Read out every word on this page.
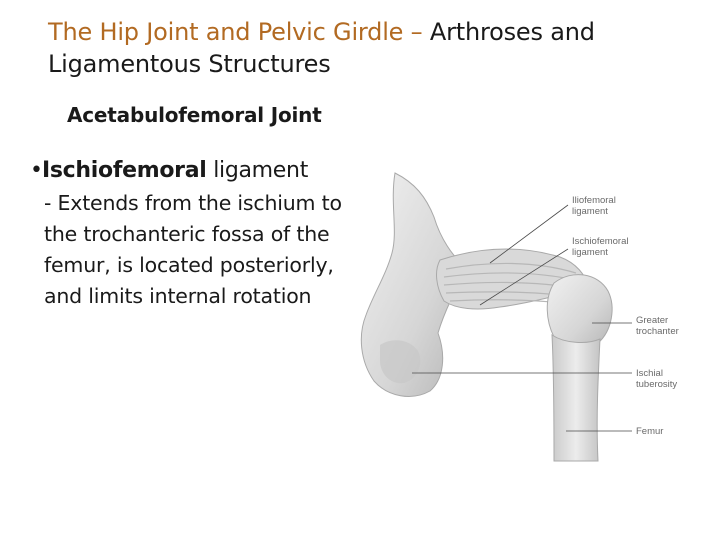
The Hip Joint and Pelvic Girdle – Arthroses and Ligamentous Structures
Acetabulofemoral Joint

•Ischiofemoral ligament

- Extends from the ischium to the trochanteric fossa of the femur, is located posteriorly, and limits internal rotation

Iliofemoral
ligament
Ischiofemoral
ligament
Greater
trochanter
Ischial
tuberosity
Femur
